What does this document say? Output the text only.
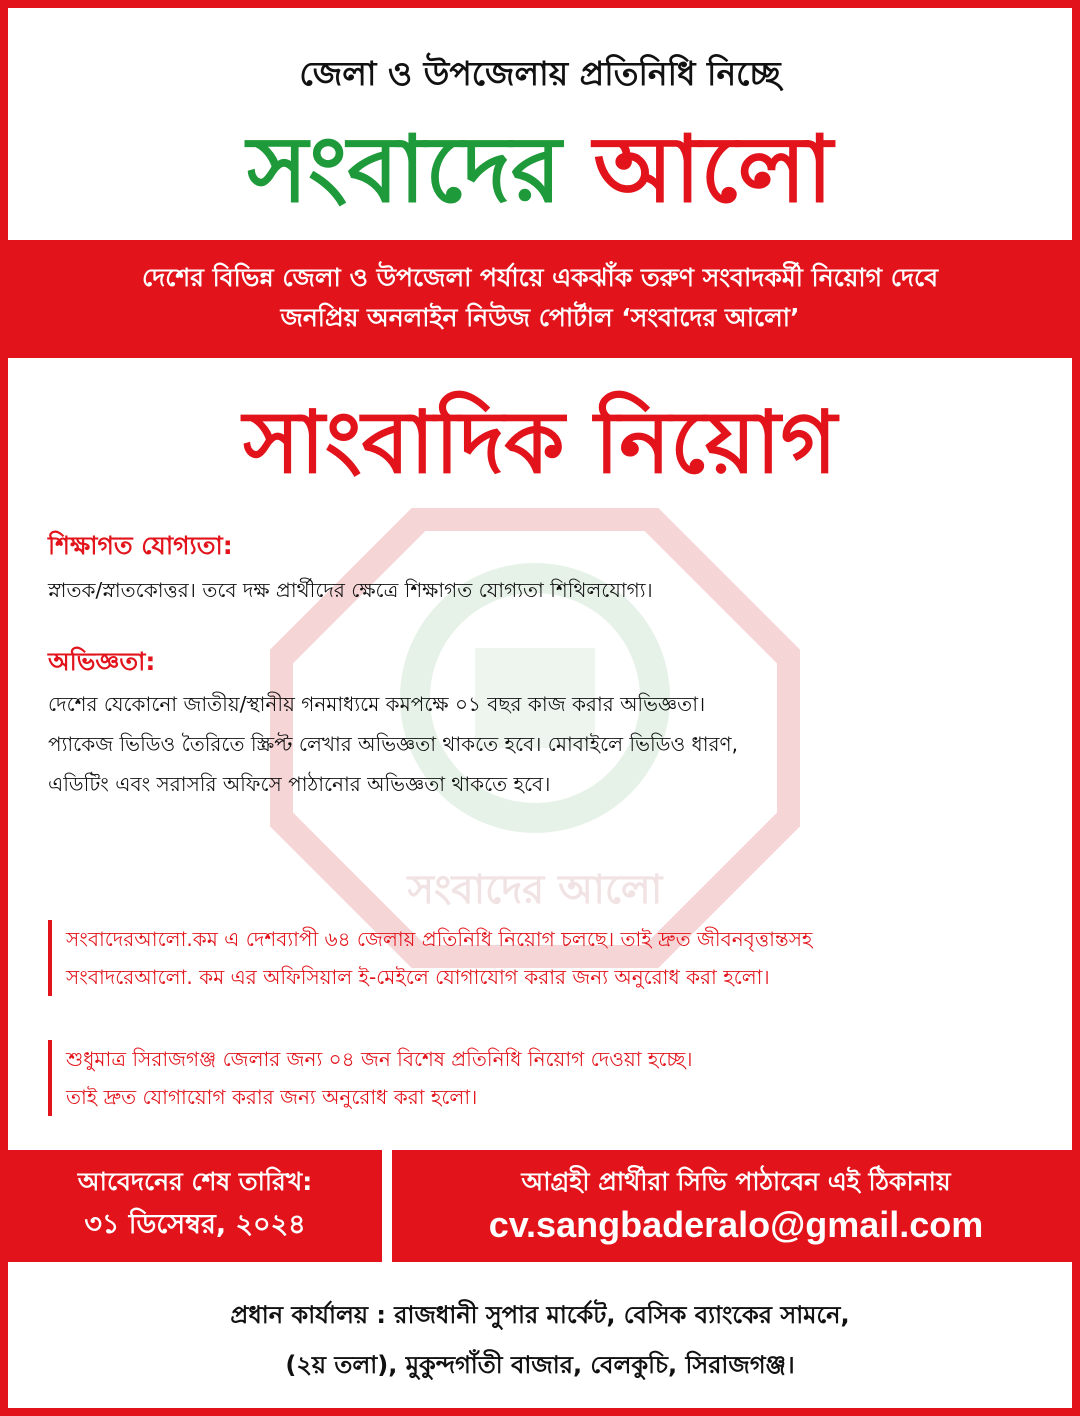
সংবাদের আলো
জেলা ও উপজেলায় প্রতিনিধি নিচ্ছে
সংবাদের আলো
দেশের বিভিন্ন জেলা ও উপজেলা পর্যায়ে একঝাঁক তরুণ সংবাদকর্মী নিয়োগ দেবে
জনপ্রিয় অনলাইন নিউজ পোর্টাল ‘সংবাদের আলো’
সাংবাদিক নিয়োগ
শিক্ষাগত যোগ্যতা:
স্নাতক/স্নাতকোত্তর। তবে দক্ষ প্রার্থীদের ক্ষেত্রে শিক্ষাগত যোগ্যতা শিথিলযোগ্য।
অভিজ্ঞতা:
দেশের যেকোনো জাতীয়/স্থানীয় গনমাধ্যমে কমপক্ষে ০১ বছর কাজ করার অভিজ্ঞতা।
প্যাকেজ ভিডিও তৈরিতে স্ক্রিপ্ট লেখার অভিজ্ঞতা থাকতে হবে। মোবাইলে ভিডিও ধারণ,
এডিটিং এবং সরাসরি অফিসে পাঠানোর অভিজ্ঞতা থাকতে হবে।
সংবাদেরআলো.কম এ দেশব্যাপী ৬৪ জেলায় প্রতিনিধি নিয়োগ চলছে। তাই দ্রুত জীবনবৃত্তান্তসহ
সংবাদরেআলো. কম এর অফিসিয়াল ই-মেইলে যোগাযোগ করার জন্য অনুরোধ করা হলো।
শুধুমাত্র সিরাজগঞ্জ জেলার জন্য ০৪ জন বিশেষ প্রতিনিধি নিয়োগ দেওয়া হচ্ছে।
তাই দ্রুত যোগায়োগ করার জন্য অনুরোধ করা হলো।
আবেদনের শেষ তারিখ:
৩১ ডিসেম্বর, ২০২৪
আগ্রহী প্রার্থীরা সিভি পাঠাবেন এই ঠিকানায়
cv.sangbaderalo@gmail.com
প্রধান কার্যালয় : রাজধানী সুপার মার্কেট, বেসিক ব্যাংকের সামনে,
(২য় তলা), মুকুন্দগাঁতী বাজার, বেলকুচি, সিরাজগঞ্জ।
